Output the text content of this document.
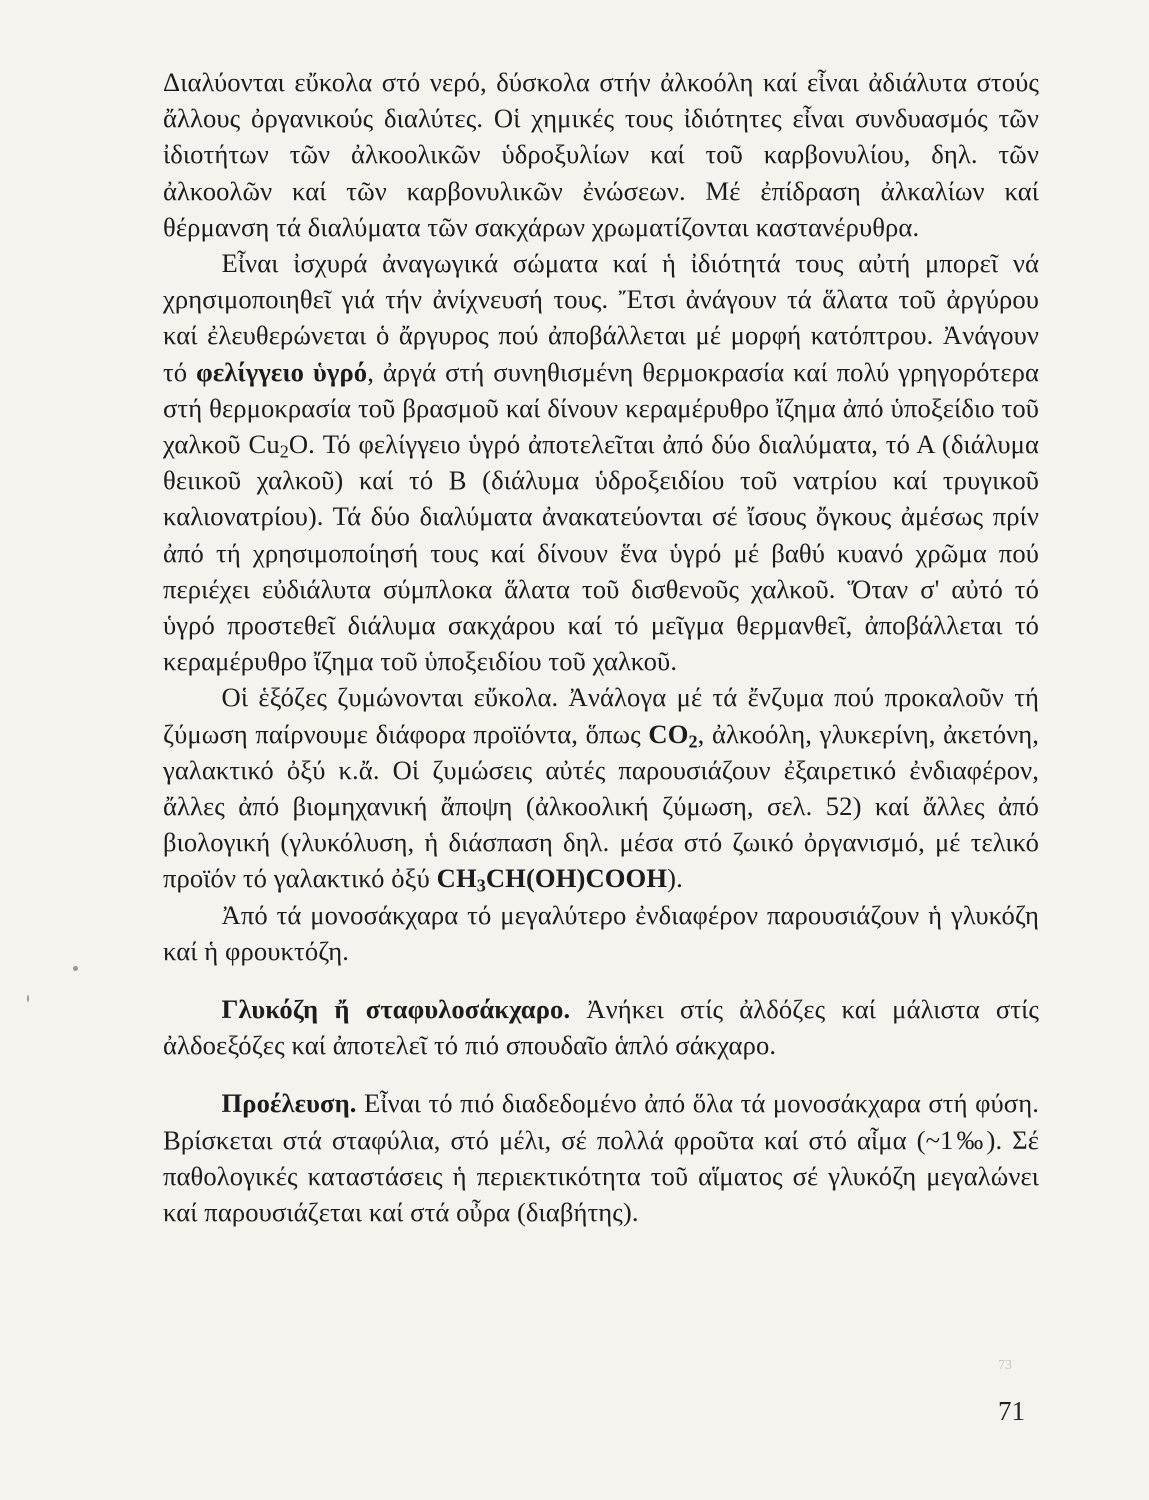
Διαλύονται εὔκολα στό νερό, δύσκολα στήν ἀλκοόλη καί εἶναι ἀδιάλυτα στούς ἄλλους ὀργανικούς διαλύτες. Οἱ χημικές τους ἰδιότητες εἶναι συνδυασμός τῶν ἰδιοτήτων τῶν ἀλκοολικῶν ὑδροξυλίων καί τοῦ καρβονυλίου, δηλ. τῶν ἀλκοολῶν καί τῶν καρβονυλικῶν ἐνώσεων. Μέ ἐπίδραση ἀλκαλίων καί θέρμανση τά διαλύματα τῶν σακχάρων χρωματίζονται καστανέρυθρα.

Εἶναι ἰσχυρά ἀναγωγικά σώματα καί ἡ ἰδιότητά τους αὐτή μπορεῖ νά χρησιμοποιηθεῖ γιά τήν ἀνίχνευσή τους. Ἔτσι ἀνάγουν τά ἅλατα τοῦ ἀργύρου καί ἐλευθερώνεται ὁ ἄργυρος πού ἀποβάλλεται μέ μορφή κατόπτρου. Ἀνάγουν τό φελίγγειο ὑγρό, ἀργά στή συνηθισμένη θερμοκρασία καί πολύ γρηγορότερα στή θερμοκρασία τοῦ βρασμοῦ καί δίνουν κεραμέρυθρο ἴζημα ἀπό ὑποξείδιο τοῦ χαλκοῦ $Cu_2O$. Τό φελίγγειο ὑγρό ἀποτελεῖται ἀπό δύο διαλύματα, τό Α (διάλυμα θειικοῦ χαλκοῦ) καί τό Β (διάλυμα ὑδροξειδίου τοῦ νατρίου καί τρυγικοῦ καλιονατρίου). Τά δύο διαλύματα ἀνακατεύονται σέ ἴσους ὄγκους ἀμέσως πρίν ἀπό τή χρησιμοποίησή τους καί δίνουν ἕνα ὑγρό μέ βαθύ κυανό χρῶμα πού περιέχει εὐδιάλυτα σύμπλοκα ἅλατα τοῦ δισθενοῦς χαλκοῦ. Ὅταν σ' αὐτό τό ὑγρό προστεθεῖ διάλυμα σακχάρου καί τό μεῖγμα θερμανθεῖ, ἀποβάλλεται τό κεραμέρυθρο ἴζημα τοῦ ὑποξειδίου τοῦ χαλκοῦ.

Οἱ ἑξόζες ζυμώνονται εὔκολα. Ἀνάλογα μέ τά ἔνζυμα πού προκαλοῦν τή ζύμωση παίρνουμε διάφορα προϊόντα, ὅπως $CO_2$, ἀλκοόλη, γλυκερίνη, ἀκετόνη, γαλακτικό ὀξύ κ.ἄ. Οἱ ζυμώσεις αὐτές παρουσιάζουν ἐξαιρετικό ἐνδιαφέρον, ἄλλες ἀπό βιομηχανική ἄποψη (ἀλκοολική ζύμωση, σελ. 52) καί ἄλλες ἀπό βιολογική (γλυκόλυση, ἡ διάσπαση δηλ. μέσα στό ζωικό ὀργανισμό, μέ τελικό προϊόν τό γαλακτικό ὀξύ $CH_3CH(OH)COOH$).

Ἀπό τά μονοσάκχαρα τό μεγαλύτερο ἐνδιαφέρον παρουσιάζουν ἡ γλυκόζη καί ἡ φρουκτόζη.

Γλυκόζη ἤ σταφυλοσάκχαρο. Ἀνήκει στίς ἀλδόζες καί μάλιστα στίς ἀλδοεξόζες καί ἀποτελεῖ τό πιό σπουδαῖο ἁπλό σάκχαρο.

Προέλευση. Εἶναι τό πιό διαδεδομένο ἀπό ὅλα τά μονοσάκχαρα στή φύση. Βρίσκεται στά σταφύλια, στό μέλι, σέ πολλά φροῦτα καί στό αἷμα (~1‰). Σέ παθολογικές καταστάσεις ἡ περιεκτικότητα τοῦ αἵματος σέ γλυκόζη μεγαλώνει καί παρουσιάζεται καί στά οὖρα (διαβήτης).

73
71
